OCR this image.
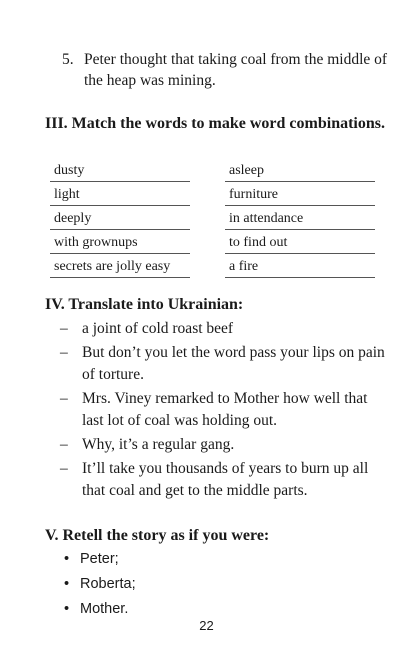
5. Peter thought that taking coal from the middle of the heap was mining.
III. Match the words to make word combinations.
dusty	asleep
light	furniture
deeply	in attendance
with grownups	to find out
secrets are jolly easy	a fire
IV. Translate into Ukrainian:
– a joint of cold roast beef
– But don’t you let the word pass your lips on pain of torture.
– Mrs. Viney remarked to Mother how well that last lot of coal was holding out.
– Why, it’s a regular gang.
– It’ll take you thousands of years to burn up all that coal and get to the middle parts.
V. Retell the story as if you were:
• Peter;
• Roberta;
• Mother.
22
